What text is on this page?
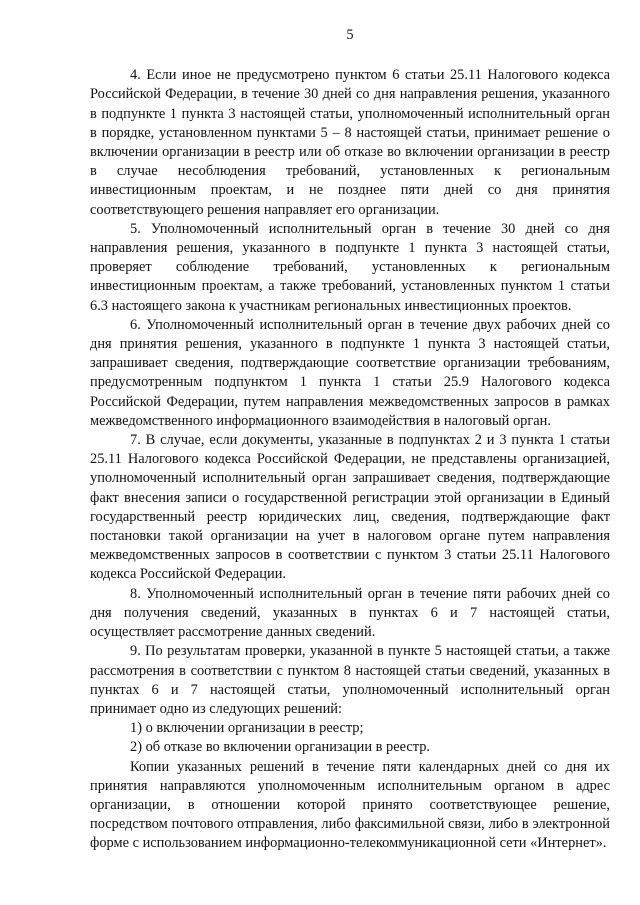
5

4. Если иное не предусмотрено пунктом 6 статьи 25.11 Налогового кодекса Российской Федерации, в течение 30 дней со дня направления решения, указанного в подпункте 1 пункта 3 настоящей статьи, уполномоченный исполнительный орган в порядке, установленном пунктами 5 – 8 настоящей статьи, принимает решение о включении организации в реестр или об отказе во включении организации в реестр в случае несоблюдения требований, установленных к региональным инвестиционным проектам, и не позднее пяти дней со дня принятия соответствующего решения направляет его организации.

5. Уполномоченный исполнительный орган в течение 30 дней со дня направления решения, указанного в подпункте 1 пункта 3 настоящей статьи, проверяет соблюдение требований, установленных к региональным инвестиционным проектам, а также требований, установленных пунктом 1 статьи 6.3 настоящего закона к участникам региональных инвестиционных проектов.

6. Уполномоченный исполнительный орган в течение двух рабочих дней со дня принятия решения, указанного в подпункте 1 пункта 3 настоящей статьи, запрашивает сведения, подтверждающие соответствие организации требованиям, предусмотренным подпунктом 1 пункта 1 статьи 25.9 Налогового кодекса Российской Федерации, путем направления межведомственных запросов в рамках межведомственного информационного взаимодействия в налоговый орган.

7. В случае, если документы, указанные в подпунктах 2 и 3 пункта 1 статьи 25.11 Налогового кодекса Российской Федерации, не представлены организацией, уполномоченный исполнительный орган запрашивает сведения, подтверждающие факт внесения записи о государственной регистрации этой организации в Единый государственный реестр юридических лиц, сведения, подтверждающие факт постановки такой организации на учет в налоговом органе путем направления межведомственных запросов в соответствии с пунктом 3 статьи 25.11 Налогового кодекса Российской Федерации.

8. Уполномоченный исполнительный орган в течение пяти рабочих дней со дня получения сведений, указанных в пунктах 6 и 7 настоящей статьи, осуществляет рассмотрение данных сведений.

9. По результатам проверки, указанной в пункте 5 настоящей статьи, а также рассмотрения в соответствии с пунктом 8 настоящей статьи сведений, указанных в пунктах 6 и 7 настоящей статьи, уполномоченный исполнительный орган принимает одно из следующих решений:

1) о включении организации в реестр;

2) об отказе во включении организации в реестр.

Копии указанных решений в течение пяти календарных дней со дня их принятия направляются уполномоченным исполнительным органом в адрес организации, в отношении которой принято соответствующее решение, посредством почтового отправления, либо факсимильной связи, либо в электронной форме с использованием информационно-телекоммуникационной сети «Интернет».
